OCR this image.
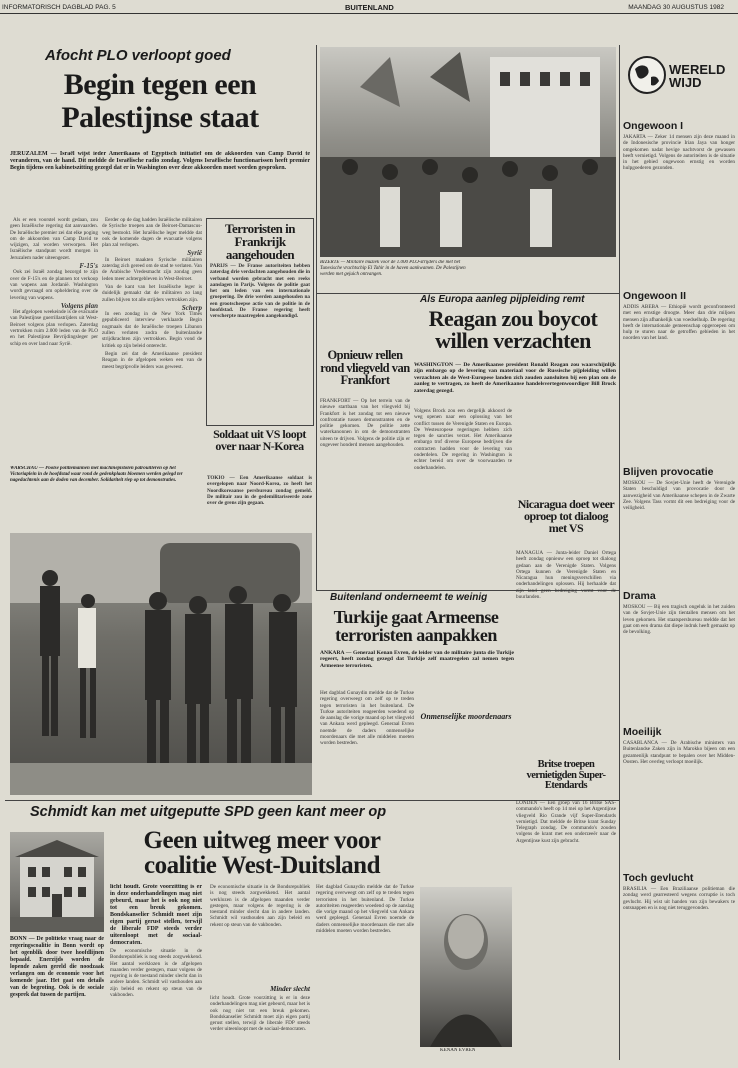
INFORMATORISCH DAGBLAD PAG. 5	BUITENLAND	MAANDAG 30 AUGUSTUS 1982
Afocht PLO verloopt goed
Begin tegen een
Palestijnse staat
JERUZALEM — Israël wijst ieder Amerikaans of Egyptisch initiatief om de akkoorden van Camp David te veranderen, van de hand. Dit meldde de Israëlische radio zondag. Volgens Israëlische functionarissen heeft premier Begin tijdens een kabinetszitting gezegd dat er in Washington over deze akkoorden moet worden gesproken.

Als er een voorstel wordt gedaan, zou geen Israëlische regering dat aanvaarden. De Israëlische premier zei dat elke poging om de akkoorden van Camp David te wijzigen, zal worden verworpen. Het Israëlische standpunt wordt morgen in Jeruzalem nader uiteengezet.

F-15's

Ook zei Israël zondag bezorgd te zijn over de F-15's en de plannen tot verkoop van wapens aan Jordanië. Washington wordt gevraagd om opheldering over de levering van wapens.

Volgens plan

Het afgelopen weekeinde is de evacuatie van Palestijnse guerrillastrijders uit West-Beiroet volgens plan verlopen. Zaterdag vertrokken ruim 2.000 leden van de PLO en het Palestijnse Bevrijdingsleger per schip en over land naar Syrië.

Eerder op de dag hadden Israëlische militairen de Syrische troepen aan de Beiroet-Damascus-weg bestookt. Het Israëlische leger meldde dat ook de komende dagen de evacuatie volgens plan zal verlopen.

Syrië

In Beiroet maakten Syrische militairen zaterdag zich gereed om de stad te verlaten. Van de Arabische Vredesmacht zijn zondag geen leden meer achtergebleven in West-Beiroet.

Van de kant van het Israëlische leger is duidelijk gemaakt dat de militairen zo lang zullen blijven tot alle strijders vertrokken zijn.

Scherp

In een zondag in de New York Times gepubliceerd interview verklaarde Begin nogmaals dat de Israëlische troepen Libanon zullen verlaten zodra de buitenlandse strijdkrachten zijn vertrokken. Begin vond de kritiek op zijn beleid onterecht.

Begin zei dat de Amerikaanse president Reagan in de afgelopen weken een van de meest begripvolle leiders was geweest.

Terroristen in Frankrijk aangehouden
PARIJS — De Franse autoriteiten hebben zaterdag drie verdachten aangehouden die in verband worden gebracht met een reeks aanslagen in Parijs. Volgens de politie gaat het om leden van een internationale groepering. De drie werden aangehouden na een grootscheepse actie van de politie in de hoofdstad. De Franse regering heeft verscherpte maatregelen aangekondigd.
Soldaat uit VS loopt over naar N-Korea
TOKIO — Een Amerikaanse soldaat is overgelopen naar Noord-Korea, zo heeft het Noordkoreaanse persbureau zondag gemeld. De militair zou in de gedemilitariseerde zone over de grens zijn gegaan.
WARSCHAU — Poolse politiemannen met machinepistolen patrouilleren op het Victoriaplein in de hoofdstad waar rond de gedenkplaats bloemen werden gelegd ter nagedachtenis aan de doden van december. Solidariteit riep op tot demonstraties.
BIZERTE — Militaire muziek voor de 1.000 PLO-strijders die met het Tunesische vrachtschip El Tahir in de haven aankwamen. De Palestijnen werden met gejuich ontvangen.
Als Europa aanleg pijpleiding remt
Reagan zou boycot
willen verzachten
WASHINGTON — De Amerikaanse president Ronald Reagan zou waarschijnlijk zijn embargo op de levering van materiaal voor de Russische pijpleiding willen verzachten als de West-Europese landen zich zouden aansluiten bij een plan om de aanleg te vertragen, zo heeft de Amerikaanse handelsvertegenwoordiger Bill Brock zaterdag gezegd.
Volgens Brock zou een dergelijk akkoord de weg openen naar een oplossing van het conflict tussen de Verenigde Staten en Europa. De Westeuropese regeringen hebben zich tegen de sancties verzet. Het Amerikaanse embargo trof diverse Europese bedrijven die contracten hadden voor de levering van onderdelen. De regering in Washington is echter bereid om over de voorwaarden te onderhandelen.
Opnieuw rellen rond vliegveld van Frankfort
FRANKFORT — Op het terrein van de nieuwe startbaan van het vliegveld bij Frankfort is het zondag tot een nieuwe confrontatie tussen demonstranten en de politie gekomen. De politie zette waterkanonnen in om de demonstranten uiteen te drijven. Volgens de politie zijn er ongeveer honderd mensen aangehouden.
Nicaragua doet weer oproep tot dialoog met VS
MANAGUA — Junta-leider Daniel Ortega heeft zondag opnieuw een oproep tot dialoog gedaan aan de Verenigde Staten. Volgens Ortega kunnen de Verenigde Staten en Nicaragua hun meningsverschillen via onderhandelingen oplossen. Hij herhaalde dat zijn land geen bedreiging vormt voor de buurlanden.
Buitenland onderneemt te weinig
Turkije gaat Armeense
terroristen aanpakken
ANKARA — Generaal Kenan Evren, de leider van de militaire junta die Turkije regeert, heeft zondag gezegd dat Turkije zelf maatregelen zal nemen tegen Armeense terroristen.
Het dagblad Gunaydin meldde dat de Turkse regering overweegt om zelf op te treden tegen terroristen in het buitenland. De Turkse autoriteiten reageerden woedend op de aanslag die vorige maand op het vliegveld van Ankara werd gepleegd. Generaal Evren noemde de daders onmenselijke moordenaars die met alle middelen moeten worden bestreden.
Onmenselijke moordenaars
Britse troepen vernietigden Super-Etendards
LONDEN — Een groep van 16 Britse SAS-commando's heeft op 14 mei op het Argentijnse vliegveld Rio Grande vijf Super-Etendards vernietigd. Dat meldde de Britse krant Sunday Telegraph zondag. De commando's zouden volgens de krant met een onderzeeër naar de Argentijnse kust zijn gebracht.
KENAN EVREN
Schmidt kan met uitgeputte SPD geen kant meer op
Geen uitweg meer voor
coalitie West-Duitsland
BONN — De politieke vraag naar de regeringscoalitie in Bonn wordt op het ogenblik door twee hoofdlijnen bepaald. Enerzijds worden de lopende zaken gereld die noodzaak verlangen om de economie voor het komende jaar. Het gaat om details van de begroting. Ook is de sociale gesprek dat tussen de partijen.
licht houdt. Grote voorzitting is er in deze onderhandelingen mag niet gebeurd, maar het is ook nog niet tot een breuk gekomen. Bondskanselier Schmidt moet zijn eigen partij gerust stellen, terwijl de liberale FDP steeds verder uiteenloopt met de sociaal-democraten.
De economische situatie in de Bondsrepubliek is nog steeds zorgwekkend. Het aantal werklozen is de afgelopen maanden verder gestegen, maar volgens de regering is de toestand minder slecht dan in andere landen. Schmidt wil vasthouden aan zijn beleid en rekent op steun van de vakbonden.
Minder slecht
De economische situatie in de Bondsrepubliek is nog steeds zorgwekkend. Het aantal werklozen is de afgelopen maanden verder gestegen, maar volgens de regering is de toestand minder slecht dan in andere landen. Schmidt wil vasthouden aan zijn beleid en rekent op steun van de vakbonden.
licht houdt. Grote voorzitting is er in deze onderhandelingen mag niet gebeurd, maar het is ook nog niet tot een breuk gekomen. Bondskanselier Schmidt moet zijn eigen partij gerust stellen, terwijl de liberale FDP steeds verder uiteenloopt met de sociaal-democraten.
Het dagblad Gunaydin meldde dat de Turkse regering overweegt om zelf op te treden tegen terroristen in het buitenland. De Turkse autoriteiten reageerden woedend op de aanslag die vorige maand op het vliegveld van Ankara werd gepleegd. Generaal Evren noemde de daders onmenselijke moordenaars die met alle middelen moeten worden bestreden.
WERELD WIJD
Ongewoon I
JAKARTA — Zeker 14 mensen zijn deze maand in de Indonesische provincie Irian Jaya van honger omgekomen nadat hevige nachtvorst de gewassen heeft vernietigd. Volgens de autoriteiten is de situatie in het gebied ongewoon ernstig en worden hulpgoederen gezonden.
Ongewoon II
ADDIS ABEBA — Ethiopië wordt geconfronteerd met een ernstige droogte. Meer dan drie miljoen mensen zijn afhankelijk van voedselhulp. De regering heeft de internationale gemeenschap opgeroepen om hulp te sturen naar de getroffen gebieden in het noorden van het land.
Blijven provocatie
MOSKOU — De Sovjet-Unie heeft de Verenigde Staten beschuldigd van provocatie door de aanwezigheid van Amerikaanse schepen in de Zwarte Zee. Volgens Tass vormt dit een bedreiging voor de veiligheid.
Drama
MOSKOU — Bij een tragisch ongeluk in het zuiden van de Sovjet-Unie zijn tientallen mensen om het leven gekomen. Het staatspersbureau meldde dat het gaat om een drama dat diepe indruk heeft gemaakt op de bevolking.
Moeilijk
CASABLANCA — De Arabische ministers van Buitenlandse Zaken zijn in Marokko bijeen om een gezamenlijk standpunt te bepalen over het Midden-Oosten. Het overleg verloopt moeilijk.
Toch gevlucht
BRASILIA — Een Braziliaanse politieman die zondag werd gearresteerd wegens corruptie is toch gevlucht. Hij wist uit handen van zijn bewakers te ontsnappen en is nog niet teruggevonden.
